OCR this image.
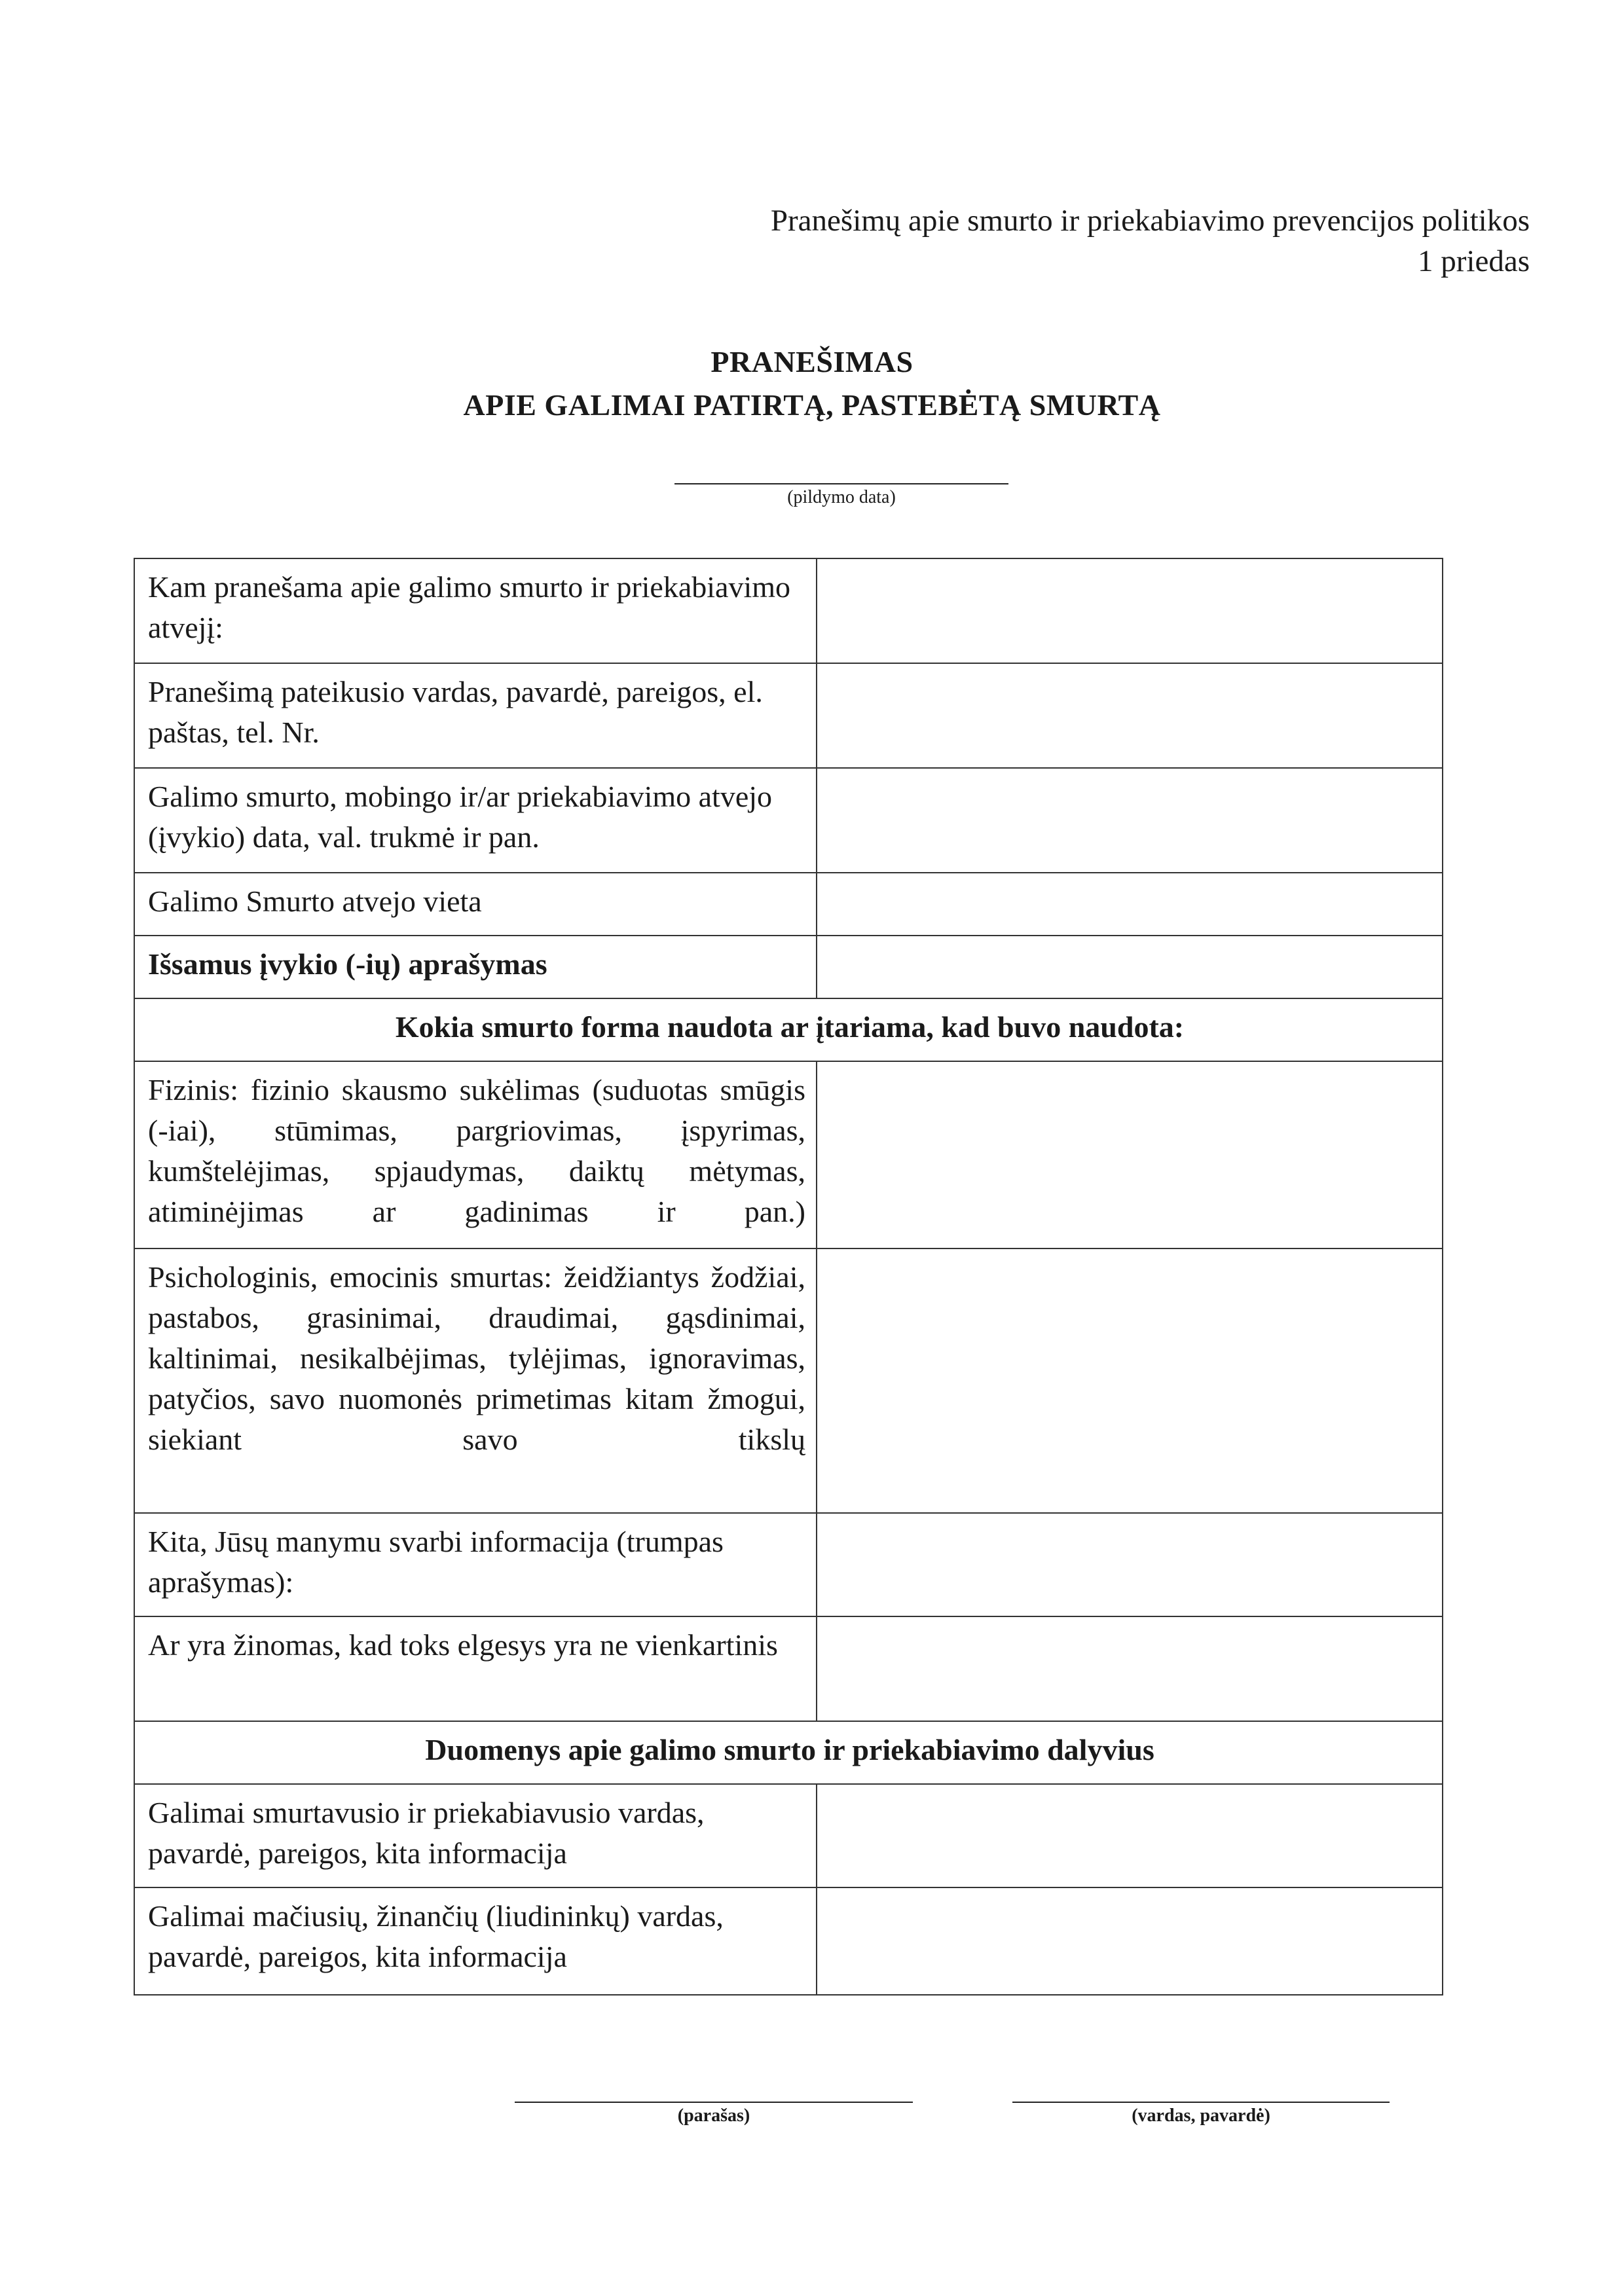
Pranešimų apie smurto ir priekabiavimo prevencijos politikos
1 priedas
PRANEŠIMAS
APIE GALIMAI PATIRTĄ, PASTEBĖTĄ SMURTĄ
(pildymo data)
Kam pranešama apie galimo smurto ir priekabiavimo atvejį:	
Pranešimą pateikusio vardas, pavardė, pareigos, el. paštas, tel. Nr.	
Galimo smurto, mobingo ir/ar priekabiavimo atvejo (įvykio) data, val. trukmė ir pan.	
Galimo Smurto atvejo vieta	
Išsamus įvykio (-ių) aprašymas	
Kokia smurto forma naudota ar įtariama, kad buvo naudota:	
Fizinis: fizinio skausmo sukėlimas (suduotas smūgis (-iai), stūmimas, pargriovimas, įspyrimas, kumštelėjimas, spjaudymas, daiktų mėtymas, atiminėjimas ar gadinimas ir pan.)	
Psichologinis, emocinis smurtas: žeidžiantys žodžiai, pastabos, grasinimai, draudimai, gąsdinimai, kaltinimai, nesikalbėjimas, tylėjimas, ignoravimas, patyčios, savo nuomonės primetimas kitam žmogui, siekiant savo tikslų	
Kita, Jūsų manymu svarbi informacija (trumpas aprašymas):	
Ar yra žinomas, kad toks elgesys yra ne vienkartinis	
Duomenys apie galimo smurto ir priekabiavimo dalyvius	
Galimai smurtavusio ir priekabiavusio vardas, pavardė, pareigos, kita informacija	
Galimai mačiusių, žinančių (liudininkų) vardas, pavardė, pareigos, kita informacija	
(parašas)	(vardas, pavardė)
